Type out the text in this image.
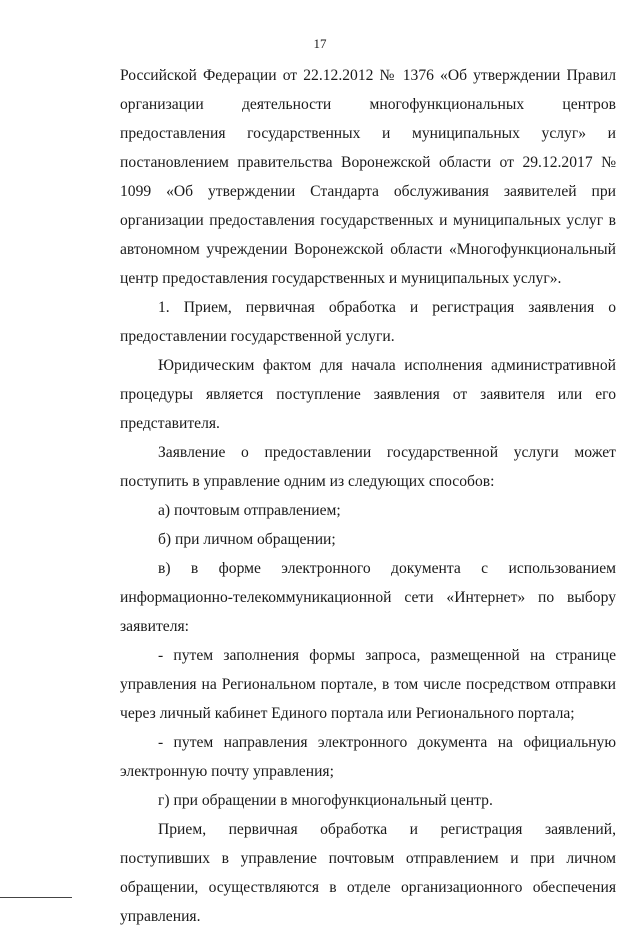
17

Российской Федерации от 22.12.2012 № 1376 «Об утверждении Правил организации деятельности многофункциональных центров предоставления государственных и муниципальных услуг» и постановлением правительства Воронежской области от 29.12.2017 № 1099 «Об утверждении Стандарта обслуживания заявителей при организации предоставления государственных и муниципальных услуг в автономном учреждении Воронежской области «Многофункциональный центр предоставления государственных и муниципальных услуг».

1. Прием, первичная обработка и регистрация заявления о предоставлении государственной услуги.

Юридическим фактом для начала исполнения административной процедуры является поступление заявления от заявителя или его представителя.

Заявление о предоставлении государственной услуги может поступить в управление одним из следующих способов:

а) почтовым отправлением;

б) при личном обращении;

в) в форме электронного документа с использованием информационно-телекоммуникационной сети «Интернет» по выбору заявителя:

- путем заполнения формы запроса, размещенной на странице управления на Региональном портале, в том числе посредством отправки через личный кабинет Единого портала или Регионального портала;

- путем направления электронного документа на официальную электронную почту управления;

г) при обращении в многофункциональный центр.

Прием, первичная обработка и регистрация заявлений, поступивших в управление почтовым отправлением и при личном обращении, осуществляются в отделе организационного обеспечения управления.
